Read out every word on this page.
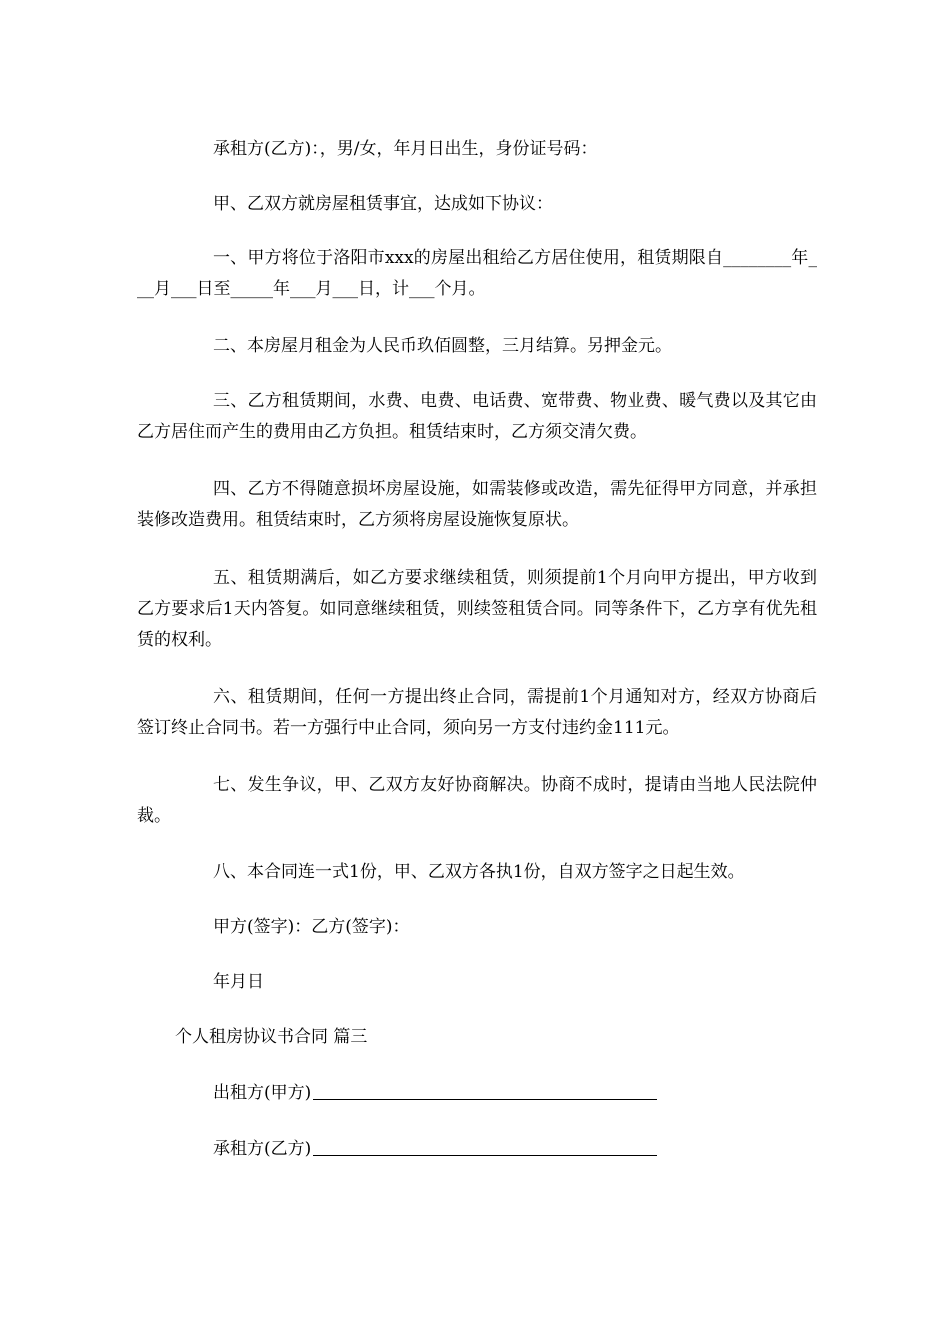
承租方(乙方)：，男/女，年月日出生，身份证号码：

甲、乙双方就房屋租赁事宜，达成如下协议：

一、甲方将位于洛阳市xxx的房屋出租给乙方居住使用，租赁期限自________年___月___日至_____年___月___日，计___个月。

二、本房屋月租金为人民币玖佰圆整，三月结算。另押金元。

三、乙方租赁期间，水费、电费、电话费、宽带费、物业费、暖气费以及其它由乙方居住而产生的费用由乙方负担。租赁结束时，乙方须交清欠费。

四、乙方不得随意损坏房屋设施，如需装修或改造，需先征得甲方同意，并承担装修改造费用。租赁结束时，乙方须将房屋设施恢复原状。

五、租赁期满后，如乙方要求继续租赁，则须提前1个月向甲方提出，甲方收到乙方要求后1天内答复。如同意继续租赁，则续签租赁合同。同等条件下，乙方享有优先租赁的权利。

六、租赁期间，任何一方提出终止合同，需提前1个月通知对方，经双方协商后签订终止合同书。若一方强行中止合同，须向另一方支付违约金111元。

七、发生争议，甲、乙双方友好协商解决。协商不成时，提请由当地人民法院仲裁。

八、本合同连一式1份，甲、乙双方各执1份，自双方签字之日起生效。

甲方(签字)：乙方(签字)：

年月日

个人租房协议书合同 篇三

出租方(甲方)

承租方(乙方)
